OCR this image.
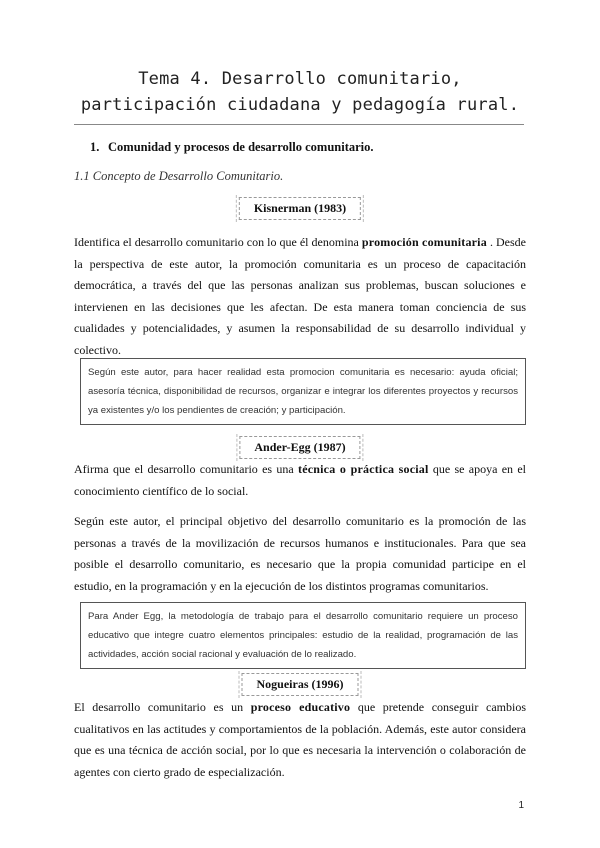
Tema 4. Desarrollo comunitario,
participación ciudadana y pedagogía rural.
1. Comunidad y procesos de desarrollo comunitario.
1.1 Concepto de Desarrollo Comunitario.
Kisnerman (1983)

Identifica el desarrollo comunitario con lo que él denomina promoción comunitaria . Desde la perspectiva de este autor, la promoción comunitaria es un proceso de capacitación democrática, a través del que las personas analizan sus problemas, buscan soluciones e intervienen en las decisiones que les afectan. De esta manera toman conciencia de sus cualidades y potencialidades, y asumen la responsabilidad de su desarrollo individual y colectivo.

Según este autor, para hacer realidad esta promocion comunitaria es necesario: ayuda oficial; asesoría técnica, disponibilidad de recursos, organizar e integrar los diferentes proyectos y recursos ya existentes y/o los pendientes de creación; y participación.
Ander-Egg (1987)

Afirma que el desarrollo comunitario es una técnica o práctica social que se apoya en el conocimiento científico de lo social.

Según este autor, el principal objetivo del desarrollo comunitario es la promoción de las personas a través de la movilización de recursos humanos e institucionales. Para que sea posible el desarrollo comunitario, es necesario que la propia comunidad participe en el estudio, en la programación y en la ejecución de los distintos programas comunitarios.

Para Ander Egg, la metodología de trabajo para el desarrollo comunitario requiere un proceso educativo que integre cuatro elementos principales: estudio de la realidad, programación de las actividades, acción social racional y evaluación de lo realizado.
Nogueiras (1996)

El desarrollo comunitario es un proceso educativo que pretende conseguir cambios cualitativos en las actitudes y comportamientos de la población. Además, este autor considera que es una técnica de acción social, por lo que es necesaria la intervención o colaboración de agentes con cierto grado de especialización.

1
